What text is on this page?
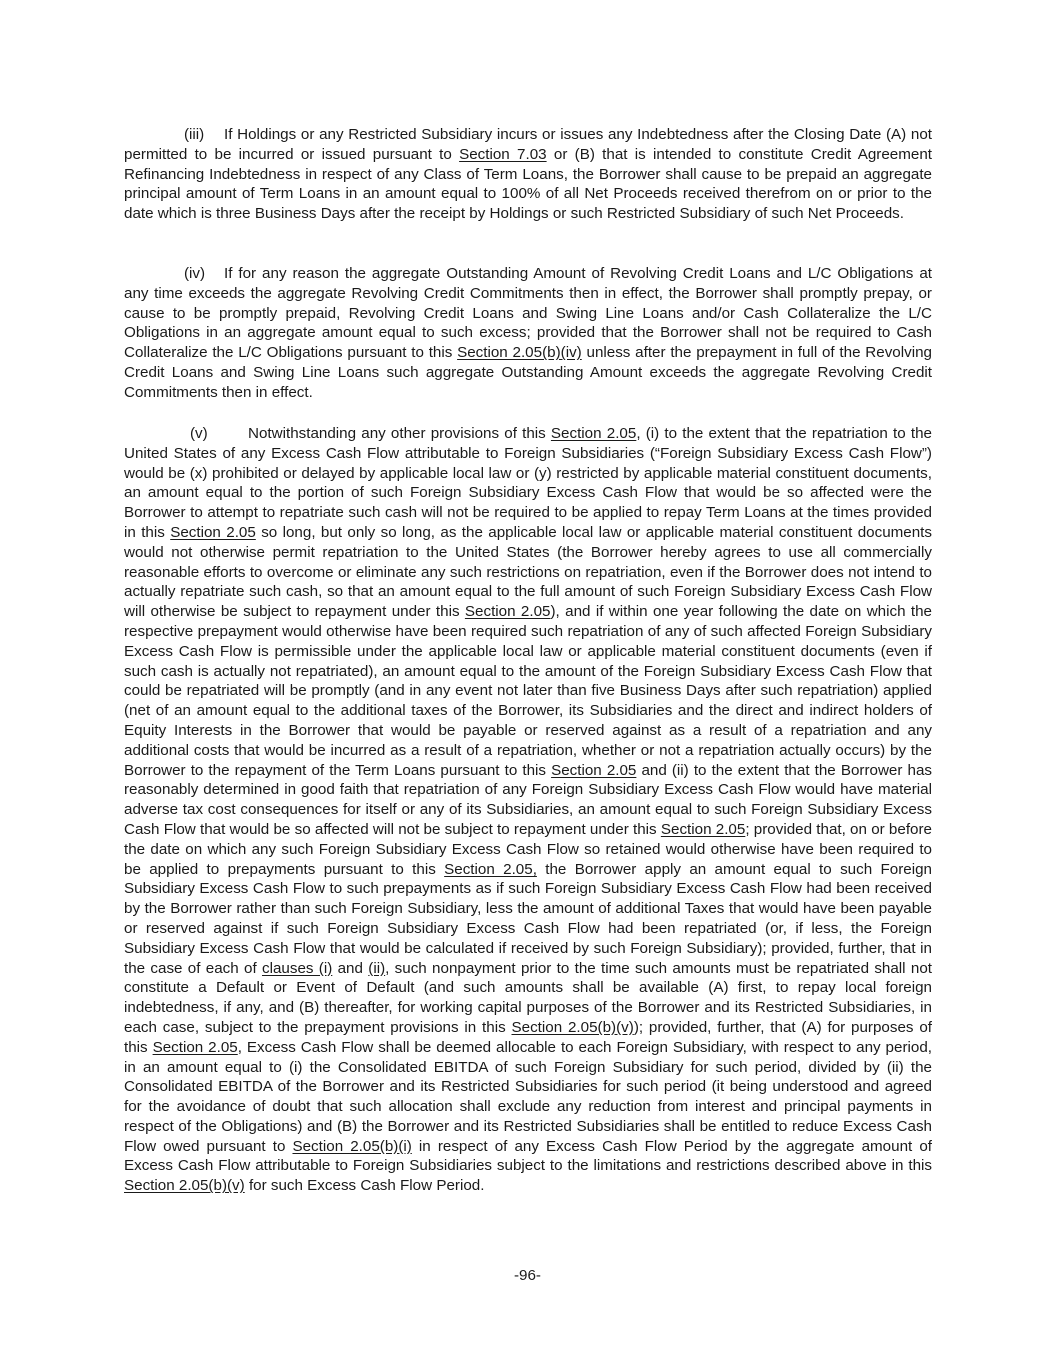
(iii) If Holdings or any Restricted Subsidiary incurs or issues any Indebtedness after the Closing Date (A) not permitted to be incurred or issued pursuant to Section 7.03 or (B) that is intended to constitute Credit Agreement Refinancing Indebtedness in respect of any Class of Term Loans, the Borrower shall cause to be prepaid an aggregate principal amount of Term Loans in an amount equal to 100% of all Net Proceeds received therefrom on or prior to the date which is three Business Days after the receipt by Holdings or such Restricted Subsidiary of such Net Proceeds.

(iv) If for any reason the aggregate Outstanding Amount of Revolving Credit Loans and L/C Obligations at any time exceeds the aggregate Revolving Credit Commitments then in effect, the Borrower shall promptly prepay, or cause to be promptly prepaid, Revolving Credit Loans and Swing Line Loans and/or Cash Collateralize the L/C Obligations in an aggregate amount equal to such excess; provided that the Borrower shall not be required to Cash Collateralize the L/C Obligations pursuant to this Section 2.05(b)(iv) unless after the prepayment in full of the Revolving Credit Loans and Swing Line Loans such aggregate Outstanding Amount exceeds the aggregate Revolving Credit Commitments then in effect.

(v)	Notwithstanding any other provisions of this Section 2.05, (i) to the extent that the repatriation to the United States of any Excess Cash Flow attributable to Foreign Subsidiaries (“Foreign Subsidiary Excess Cash Flow”) would be (x) prohibited or delayed by applicable local law or (y) restricted by applicable material constituent documents, an amount equal to the portion of such Foreign Subsidiary Excess Cash Flow that would be so affected were the Borrower to attempt to repatriate such cash will not be required to be applied to repay Term Loans at the times provided in this Section 2.05 so long, but only so long, as the applicable local law or applicable material constituent documents would not otherwise permit repatriation to the United States (the Borrower hereby agrees to use all commercially reasonable efforts to overcome or eliminate any such restrictions on repatriation, even if the Borrower does not intend to actually repatriate such cash, so that an amount equal to the full amount of such Foreign Subsidiary Excess Cash Flow will otherwise be subject to repayment under this Section 2.05), and if within one year following the date on which the respective prepayment would otherwise have been required such repatriation of any of such affected Foreign Subsidiary Excess Cash Flow is permissible under the applicable local law or applicable material constituent documents (even if such cash is actually not repatriated), an amount equal to the amount of the Foreign Subsidiary Excess Cash Flow that could be repatriated will be promptly (and in any event not later than five Business Days after such repatriation) applied (net of an amount equal to the additional taxes of the Borrower, its Subsidiaries and the direct and indirect holders of Equity Interests in the Borrower that would be payable or reserved against as a result of a repatriation and any additional costs that would be incurred as a result of a repatriation, whether or not a repatriation actually occurs) by the Borrower to the repayment of the Term Loans pursuant to this Section 2.05 and (ii) to the extent that the Borrower has reasonably determined in good faith that repatriation of any Foreign Subsidiary Excess Cash Flow would have material adverse tax cost consequences for itself or any of its Subsidiaries, an amount equal to such Foreign Subsidiary Excess Cash Flow that would be so affected will not be subject to repayment under this Section 2.05; provided that, on or before the date on which any such Foreign Subsidiary Excess Cash Flow so retained would otherwise have been required to be applied to prepayments pursuant to this Section 2.05, the Borrower apply an amount equal to such Foreign Subsidiary Excess Cash Flow to such prepayments as if such Foreign Subsidiary Excess Cash Flow had been received by the Borrower rather than such Foreign Subsidiary, less the amount of additional Taxes that would have been payable or reserved against if such Foreign Subsidiary Excess Cash Flow had been repatriated (or, if less, the Foreign Subsidiary Excess Cash Flow that would be calculated if received by such Foreign Subsidiary); provided, further, that in the case of each of clauses (i) and (ii), such nonpayment prior to the time such amounts must be repatriated shall not constitute a Default or Event of Default (and such amounts shall be available (A) first, to repay local foreign indebtedness, if any, and (B) thereafter, for working capital purposes of the Borrower and its Restricted Subsidiaries, in each case, subject to the prepayment provisions in this Section 2.05(b)(v)); provided, further, that (A) for purposes of this Section 2.05, Excess Cash Flow shall be deemed allocable to each Foreign Subsidiary, with respect to any period, in an amount equal to (i) the Consolidated EBITDA of such Foreign Subsidiary for such period, divided by (ii) the Consolidated EBITDA of the Borrower and its Restricted Subsidiaries for such period (it being understood and agreed for the avoidance of doubt that such allocation shall exclude any reduction from interest and principal payments in respect of the Obligations) and (B) the Borrower and its Restricted Subsidiaries shall be entitled to reduce Excess Cash Flow owed pursuant to Section 2.05(b)(i) in respect of any Excess Cash Flow Period by the aggregate amount of Excess Cash Flow attributable to Foreign Subsidiaries subject to the limitations and restrictions described above in this Section 2.05(b)(v) for such Excess Cash Flow Period.

-96-
